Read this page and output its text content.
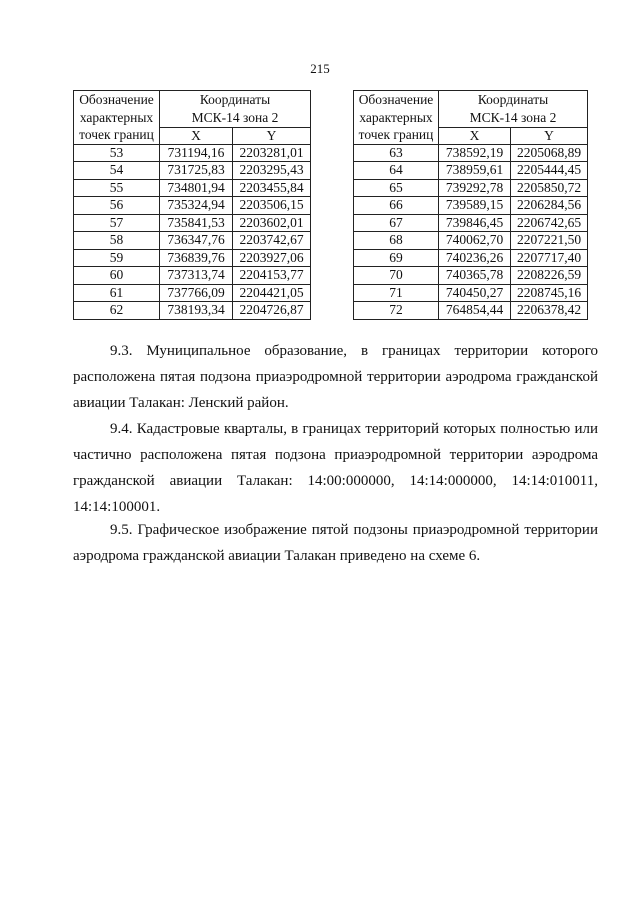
215
Обозначение
характерных
точек границ	Координаты	

	МСК-14 зона 2	
	X	Y
53	731194,16	2203281,01
54	731725,83	2203295,43
55	734801,94	2203455,84
56	735324,94	2203506,15
57	735841,53	2203602,01
58	736347,76	2203742,67
59	736839,76	2203927,06
60	737313,74	2204153,77
61	737766,09	2204421,05
62	738193,34	2204726,87
Обозначение
характерных
точек границ	Координаты	

	МСК-14 зона 2	
	X	Y
63	738592,19	2205068,89
64	738959,61	2205444,45
65	739292,78	2205850,72
66	739589,15	2206284,56
67	739846,45	2206742,65
68	740062,70	2207221,50
69	740236,26	2207717,40
70	740365,78	2208226,59
71	740450,27	2208745,16
72	764854,44	2206378,42
9.3. Муниципальное образование, в границах территории которого
расположена пятая подзона приаэродромной территории аэродрома гражданской
авиации Талакан: Ленский район.
9.4. Кадастровые кварталы, в границах территорий которых полностью или
частично расположена пятая подзона приаэродромной территории аэродрома
гражданской авиации Талакан: 14:00:000000, 14:14:000000, 14:14:010011,
14:14:100001.
9.5. Графическое изображение пятой подзоны приаэродромной территории
аэродрома гражданской авиации Талакан приведено на схеме 6.
